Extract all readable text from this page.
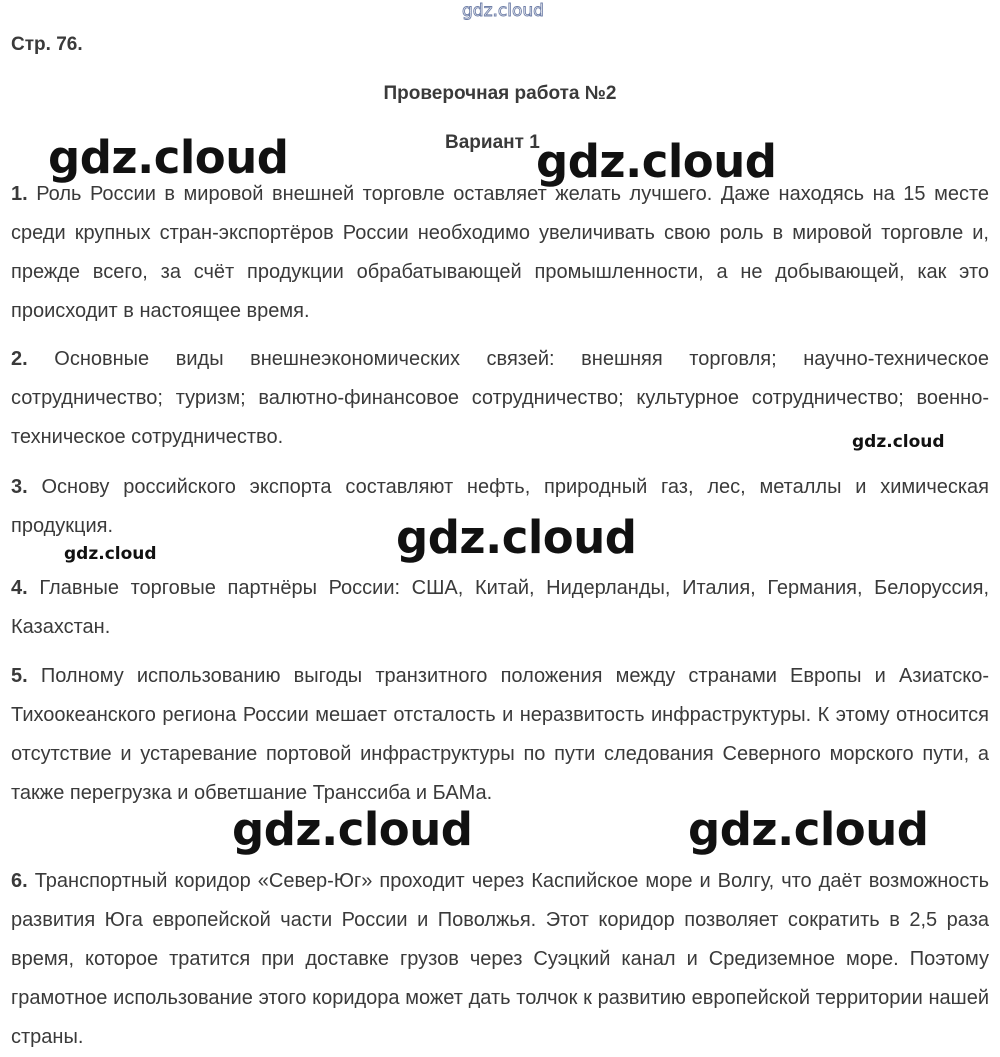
gdz.cloud
Стр. 76.
Проверочная работа №2
Вариант 1

1. Роль России в мировой внешней торговле оставляет желать лучшего. Даже находясь на 15 месте среди крупных стран-экспортёров России необходимо увеличивать свою роль в мировой торговле и, прежде всего, за счёт продукции обрабатывающей промышленности, а не добывающей, как это происходит в настоящее время.

2. Основные виды внешнеэкономических связей: внешняя торговля; научно-техническое сотрудничество; туризм; валютно-финансовое сотрудничество; культурное сотрудничество; военно-техническое сотрудничество.

3. Основу российского экспорта составляют нефть, природный газ, лес, металлы и химическая продукция.

4. Главные торговые партнёры России: США, Китай, Нидерланды, Италия, Германия, Белоруссия, Казахстан.

5. Полному использованию выгоды транзитного положения между странами Европы и Азиатско-Тихоокеанского региона России мешает отсталость и неразвитость инфраструктуры. К этому относится отсутствие и устаревание портовой инфраструктуры по пути следования Северного морского пути, а также перегрузка и обветшание Транссиба и БАМа.

6. Транспортный коридор «Север-Юг» проходит через Каспийское море и Волгу, что даёт возможность развития Юга европейской части России и Поволжья. Этот коридор позволяет сократить в 2,5 раза время, которое тратится при доставке грузов через Суэцкий канал и Средиземное море. Поэтому грамотное использование этого коридора может дать толчок к развитию европейской территории нашей страны.

gdz.cloud	gdz.cloud
gdz.cloud
gdz.cloud
gdz.cloud
gdz.cloud	gdz.cloud
